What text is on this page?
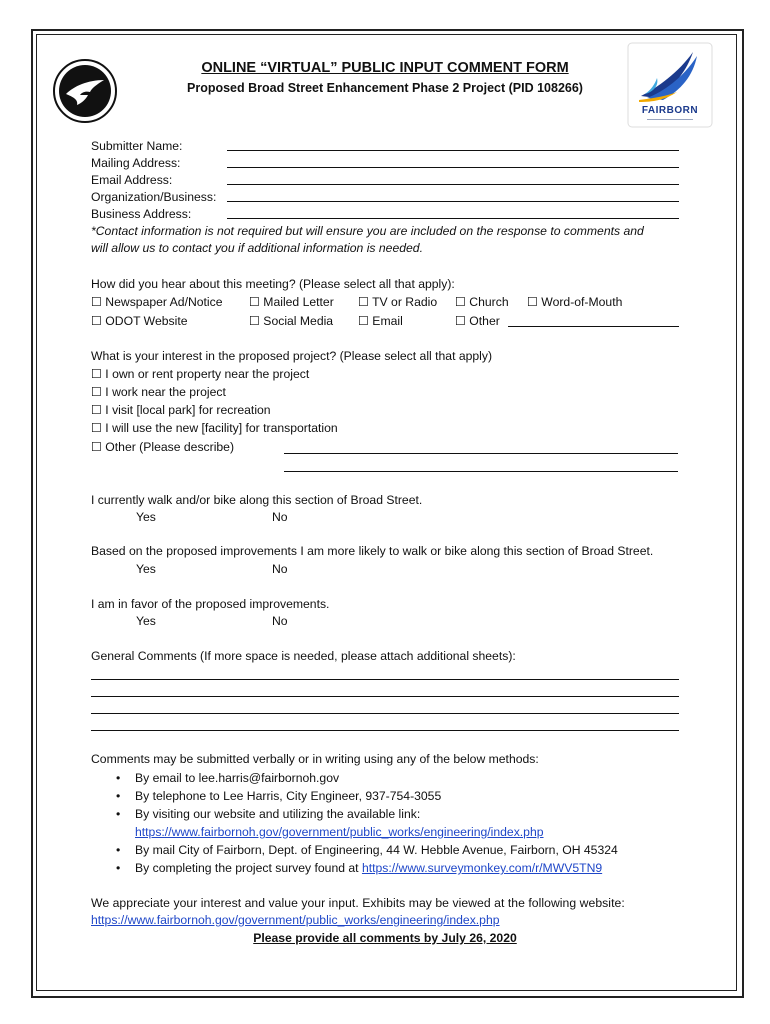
ONLINE “VIRTUAL” PUBLIC INPUT COMMENT FORM
Proposed Broad Street Enhancement Phase 2 Project (PID 108266)
FAIRBORN
Submitter Name:
Mailing Address:
Email Address:
Organization/Business:
Business Address:
*Contact information is not required but will ensure you are included on the response to comments and
will allow us to contact you if additional information is needed.
How did you hear about this meeting? (Please select all that apply):
☐ Newspaper Ad/Notice ☐ Mailed Letter ☐ TV or Radio ☐ Church ☐ Word-of-Mouth
☐ ODOT Website	☐ Social Media ☐ Email	☐ Other
What is your interest in the proposed project? (Please select all that apply)
☐ I own or rent property near the project
☐ I work near the project
☐ I visit [local park] for recreation
☐ I will use the new [facility] for transportation
☐ Other (Please describe)
I currently walk and/or bike along this section of Broad Street.
Yes	No
Based on the proposed improvements I am more likely to walk or bike along this section of Broad Street.
Yes	No
I am in favor of the proposed improvements.
Yes	No
General Comments (If more space is needed, please attach additional sheets):
Comments may be submitted verbally or in writing using any of the below methods:
• By email to lee.harris@fairbornoh.gov
• By telephone to Lee Harris, City Engineer, 937-754-3055
• By visiting our website and utilizing the available link:
https://www.fairbornoh.gov/government/public_works/engineering/index.php
• By mail City of Fairborn, Dept. of Engineering, 44 W. Hebble Avenue, Fairborn, OH 45324
• By completing the project survey found at https://www.surveymonkey.com/r/MWV5TN9
We appreciate your interest and value your input. Exhibits may be viewed at the following website:
https://www.fairbornoh.gov/government/public_works/engineering/index.php
Please provide all comments by July 26, 2020
